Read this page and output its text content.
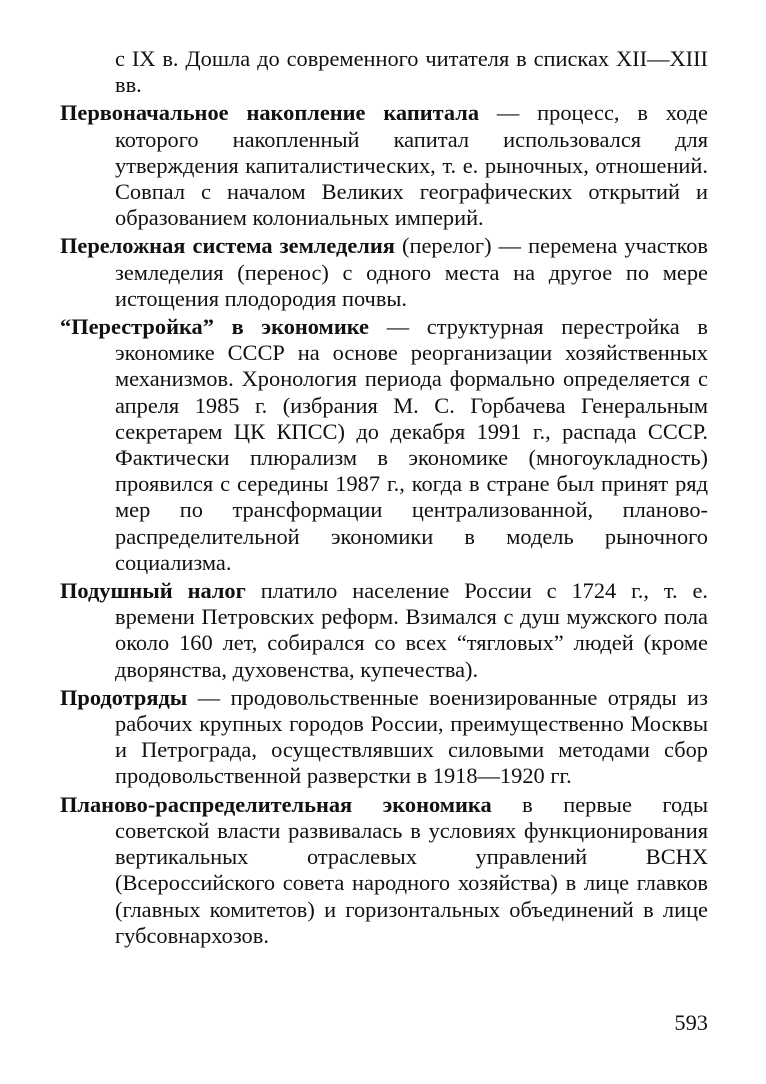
с IX в. Дошла до современного читателя в списках XII—XIII вв.

Первоначальное накопление капитала — процесс, в ходе которого накопленный капитал использовался для утверждения капиталистических, т. е. рыночных, отношений. Совпал с началом Великих географических открытий и образованием колониальных империй.

Переложная система земледелия (перелог) — перемена участков земледелия (перенос) с одного места на другое по мере истощения плодородия почвы.

“Перестройка” в экономике — структурная перестройка в экономике СССР на основе реорганизации хозяйственных механизмов. Хронология периода формально определяется с апреля 1985 г. (избрания М. С. Горбачева Генеральным секретарем ЦК КПСС) до декабря 1991 г., распада СССР. Фактически плюрализм в экономике (многоукладность) проявился с середины 1987 г., когда в стране был принят ряд мер по трансформации централизованной, планово-распределительной экономики в модель рыночного социализма.

Подушный налог платило население России с 1724 г., т. е. времени Петровских реформ. Взимался с душ мужского пола около 160 лет, собирался со всех “тягловых” людей (кроме дворянства, духовенства, купечества).

Продотряды — продовольственные военизированные отряды из рабочих крупных городов России, преимущественно Москвы и Петрограда, осуществлявших силовыми методами сбор продовольственной разверстки в 1918—1920 гг.

Планово-распределительная экономика в первые годы советской власти развивалась в условиях функционирования вертикальных отраслевых управлений ВСНХ (Всероссийского совета народного хозяйства) в лице главков (главных комитетов) и горизонтальных объединений в лице губсовнархозов.

593
